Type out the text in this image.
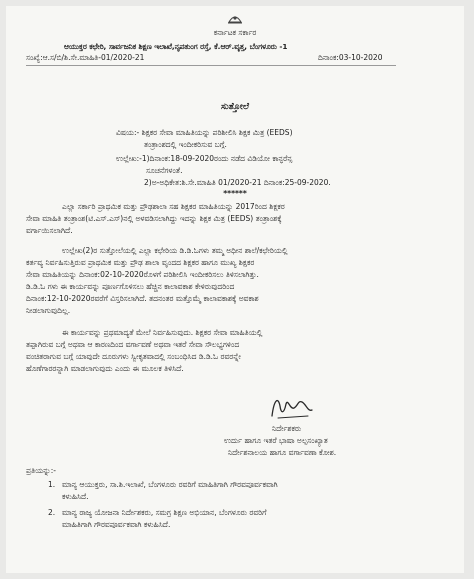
ಕರ್ನಾಟಕ ಸರ್ಕಾರ
ಆಯುಕ್ತರ ಕಛೇರಿ, ಸಾರ್ವಜನಿಕ ಶಿಕ್ಷಣ ಇಲಾಖೆ,ನೃಪತುಂಗ ರಸ್ತೆ, ಕೆ.ಆರ್.ವೃತ್ತ, ಬೆಂಗಳೂರು -1
ಸಂಖ್ಯೆ:ಆ.ಸ/ಬಿ/ಶಿ.ಸೇ.ಮಾಹಿತಿ-01/2020-21	ದಿನಾಂಕ:03-10-2020
ಸುತ್ತೋಲೆ
ವಿಷಯ:- ಶಿಕ್ಷಕರ ಸೇವಾ ಮಾಹಿತಿಯನ್ನು ಪರಿಶೀಲಿಸಿ ಶಿಕ್ಷಕ ಮಿತ್ರ (EEDS)
ತಂತ್ರಾಂಶದಲ್ಲಿ ಇಂದೀಕರಿಸುವ ಬಗ್ಗೆ.
ಉಲ್ಲೇಖ:-1)ದಿನಾಂಕ:18-09-2020ರಂದು ನಡೆದ ವಿಡಿಯೋ ಕಾನ್ಫರೆನ್ಸ
ಸೂಚನೆಗಳಂತೆ.
2)ಅ-ಅಧಿಕೇತ:ಶಿ.ಸೇ.ಮಾಹಿತಿ 01/2020-21 ದಿನಾಂಕ:25-09-2020.
******
ಎಲ್ಲಾ ಸರ್ಕಾರಿ ಪ್ರಾಥಮಿಕ ಮತ್ತು ಪ್ರೌಢಶಾಲಾ ಸಹ ಶಿಕ್ಷಕರ ಮಾಹಿತಿಯನ್ನು 2017ರಿಂದ ಶಿಕ್ಷಕರ
ಸೇವಾ ಮಾಹಿತಿ ತಂತ್ರಾಂಶ(ಟಿ.ಎಸ್.ಎಸ್)ನಲ್ಲಿ ಅಳವಡಿಸಲಾಗಿದ್ದು ಇದನ್ನು ಶಿಕ್ಷಕ ಮಿತ್ರ (EEDS) ತಂತ್ರಾಂಶಕ್ಕೆ
ವರ್ಗಾಯಿಸಲಾಗಿದೆ.
ಉಲ್ಲೇಖ(2)ರ ಸುತ್ತೋಲೆಯಲ್ಲಿ ಎಲ್ಲಾ ಕಛೇರಿಯ ಡಿ.ಡಿ.ಓಗಳು ತಮ್ಮ ಅಧೀನ ಶಾಲೆ/ಕಛೇರಿಯಲ್ಲಿ
ಕರ್ತವ್ಯ ನಿರ್ವಹಿಸುತ್ತಿರುವ ಪ್ರಾಥಮಿಕ ಮತ್ತು ಪ್ರೌಢ ಶಾಲಾ ವೃಂದದ ಶಿಕ್ಷಕರ ಹಾಗೂ ಮುಖ್ಯ ಶಿಕ್ಷಕರ
ಸೇವಾ ಮಾಹಿತಿಯನ್ನು ದಿನಾಂಕ:02-10-2020ರೊಳಗೆ ಪರಿಶೀಲಿಸಿ ಇಂದೀಕರಿಸಲು ತಿಳಿಸಲಾಗಿತ್ತು.
ಡಿ.ಡಿ.ಓ ಗಳು ಈ ಕಾರ್ಯವನ್ನು ಪೂರ್ಣಗೊಳಿಸಲು ಹೆಚ್ಚಿನ ಕಾಲಾವಕಾಶ ಕೇಳಿರುವುದರಿಂದ
ದಿನಾಂಕ:12-10-2020ರವರೆಗೆ ವಿಸ್ತರಿಸಲಾಗಿದೆ. ತದನಂತರ ಮತ್ತೊಮ್ಮೆ ಕಾಲಾವಕಾಶಕ್ಕೆ ಅವಕಾಶ
ನೀಡಲಾಗುವುದಿಲ್ಲ.
ಈ ಕಾರ್ಯವನ್ನು ಪ್ರಥಮಾದ್ಯತೆ ಮೇಲೆ ನಿರ್ವಹಿಸುವುದು. ಶಿಕ್ಷಕರ ಸೇವಾ ಮಾಹಿತಿಯಲ್ಲಿ
ತಪ್ಪಾಗಿರುವ ಬಗ್ಗೆ ಅಥವಾ ಆ ಕಾರಣದಿಂದ ವರ್ಗಾವಣೆ ಅಥವಾ ಇತರೆ ಸೇವಾ ಸೌಲಭ್ಯಗಳಿಂದ
ವಂಚಿತರಾಗುವ ಬಗ್ಗೆ ಯಾವುದೇ ದೂರುಗಳು ಸ್ವೀಕೃತವಾದಲ್ಲಿ ಸಂಬಂಧಿಸಿದ ಡಿ.ಡಿ.ಓ ರವರನ್ನೇ
ಹೊಣೆಗಾರರನ್ನಾಗಿ ಮಾಡಲಾಗುವುದು ಎಂದು ಈ ಮೂಲಕ ತಿಳಿಸಿದೆ.
ನಿರ್ದೇಶಕರು
ಉರ್ದು ಹಾಗೂ ಇತರೆ ಭಾಷಾ ಅಲ್ಪಸಂಖ್ಯಾತ
ನಿರ್ದೇಶನಾಲಯ ಹಾಗೂ ವರ್ಗಾವಣಾ ಕೋಶ.
ಪ್ರತಿಯನ್ನು:-
1. ಮಾನ್ಯ ಆಯುಕ್ತರು, ಸಾ.ಶಿ.ಇಲಾಖೆ, ಬೆಂಗಳೂರು ರವರಿಗೆ ಮಾಹಿತಿಗಾಗಿ ಗೌರವಪೂರ್ವಕವಾಗಿ
ಕಳುಹಿಸಿದೆ.
2. ಮಾನ್ಯ ರಾಜ್ಯ ಯೋಜನಾ ನಿರ್ದೇಶಕರು, ಸಮಗ್ರ ಶಿಕ್ಷಣ ಅಭಿಯಾನ, ಬೆಂಗಳೂರು ರವರಿಗೆ
ಮಾಹಿತಿಗಾಗಿ ಗೌರವಪೂರ್ವಕವಾಗಿ ಕಳುಹಿಸಿದೆ.
